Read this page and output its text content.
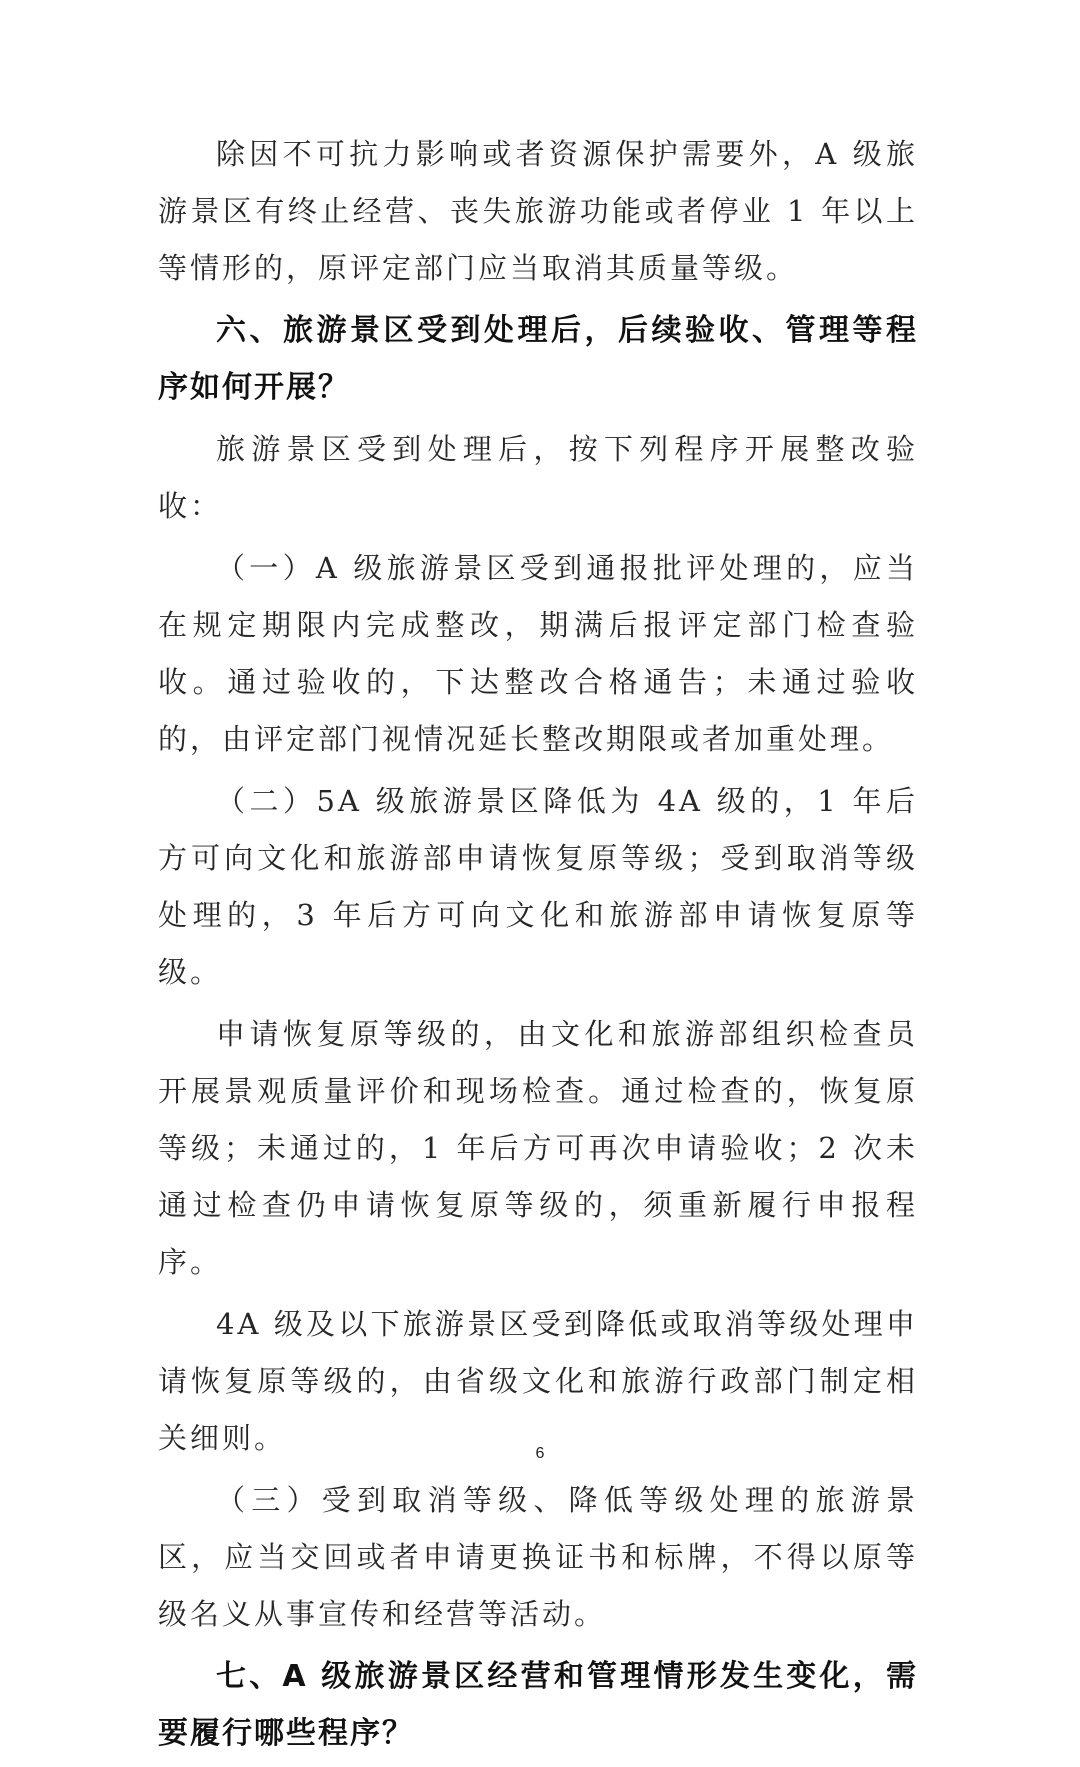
除因不可抗力影响或者资源保护需要外，A 级旅游景区有终止经营、丧失旅游功能或者停业 1 年以上等情形的，原评定部门应当取消其质量等级。

六、旅游景区受到处理后，后续验收、管理等程序如何开展？

旅游景区受到处理后，按下列程序开展整改验收：

（一）A 级旅游景区受到通报批评处理的，应当在规定期限内完成整改，期满后报评定部门检查验收。通过验收的，下达整改合格通告；未通过验收的，由评定部门视情况延长整改期限或者加重处理。

（二）5A 级旅游景区降低为 4A 级的，1 年后方可向文化和旅游部申请恢复原等级；受到取消等级处理的，3 年后方可向文化和旅游部申请恢复原等级。

申请恢复原等级的，由文化和旅游部组织检查员开展景观质量评价和现场检查。通过检查的，恢复原等级；未通过的，1 年后方可再次申请验收；2 次未通过检查仍申请恢复原等级的，须重新履行申报程序。

4A 级及以下旅游景区受到降低或取消等级处理申请恢复原等级的，由省级文化和旅游行政部门制定相关细则。

（三）受到取消等级、降低等级处理的旅游景区，应当交回或者申请更换证书和标牌，不得以原等级名义从事宣传和经营等活动。

七、A 级旅游景区经营和管理情形发生变化，需要履行哪些程序？

6
